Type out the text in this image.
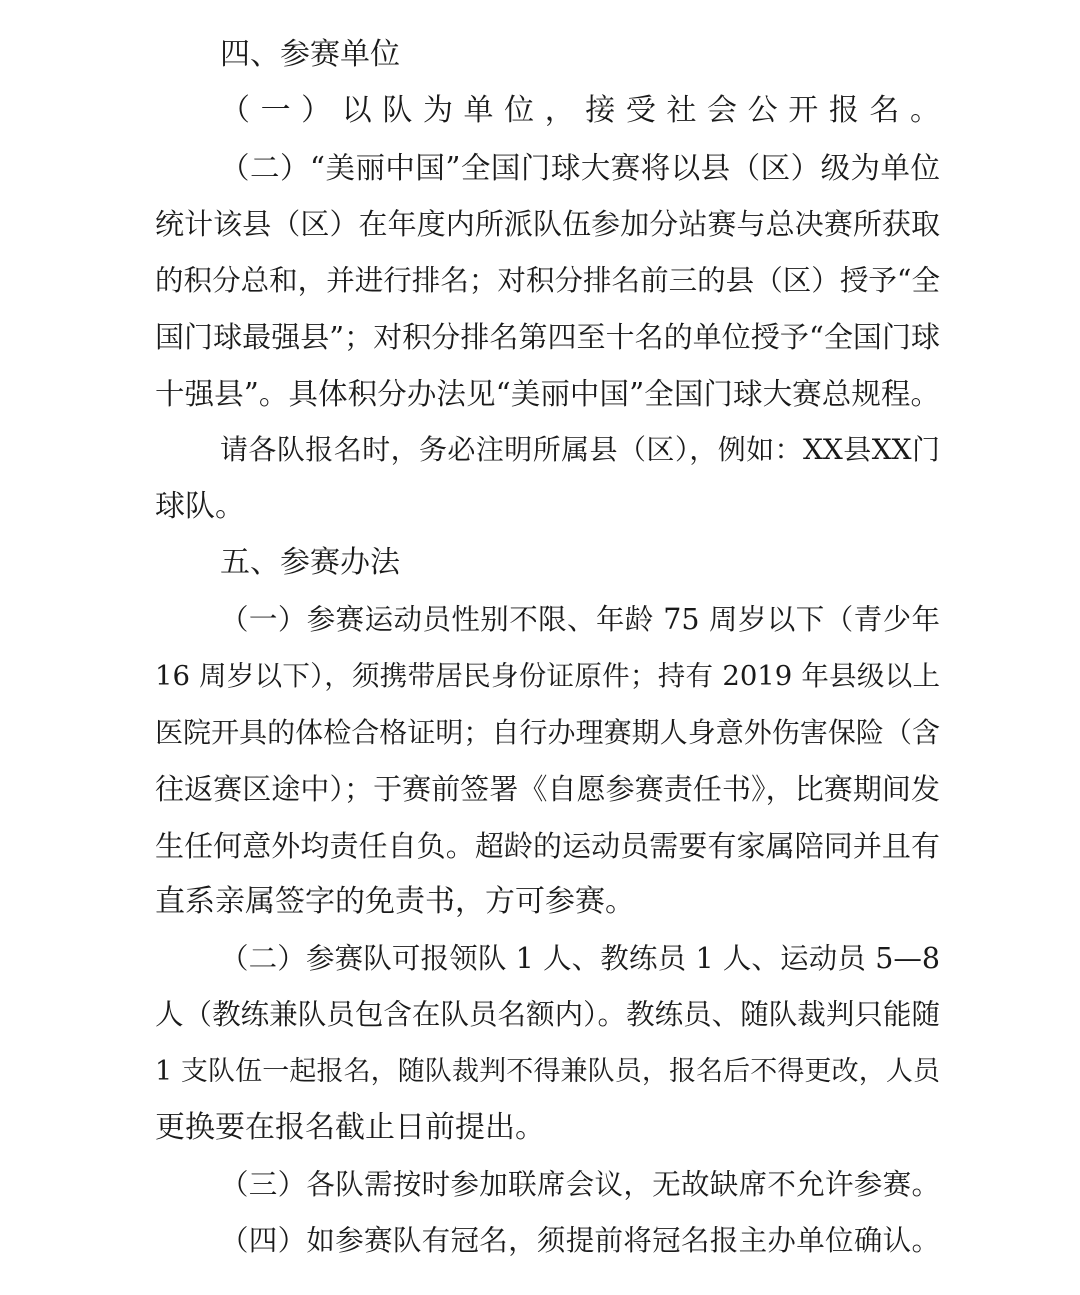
四、参赛单位
（一）以队为单位，接受社会公开报名。
（二）“美丽中国”全国门球大赛将以县（区）级为单位
统计该县（区）在年度内所派队伍参加分站赛与总决赛所获取
的积分总和，并进行排名；对积分排名前三的县（区）授予“全
国门球最强县”；对积分排名第四至十名的单位授予“全国门球
十强县”。具体积分办法见“美丽中国”全国门球大赛总规程。
请各队报名时，务必注明所属县（区），例如：XX县XX门
球队。
五、参赛办法
（一）参赛运动员性别不限、年龄 75 周岁以下（青少年
16 周岁以下），须携带居民身份证原件；持有 2019 年县级以上
医院开具的体检合格证明；自行办理赛期人身意外伤害保险（含
往返赛区途中）；于赛前签署《自愿参赛责任书》，比赛期间发
生任何意外均责任自负。超龄的运动员需要有家属陪同并且有
直系亲属签字的免责书，方可参赛。
（二）参赛队可报领队 1 人、教练员 1 人、运动员 5—8
人（教练兼队员包含在队员名额内）。教练员、随队裁判只能随
1 支队伍一起报名，随队裁判不得兼队员，报名后不得更改，人员
更换要在报名截止日前提出。
（三）各队需按时参加联席会议，无故缺席不允许参赛。
（四）如参赛队有冠名，须提前将冠名报主办单位确认。
